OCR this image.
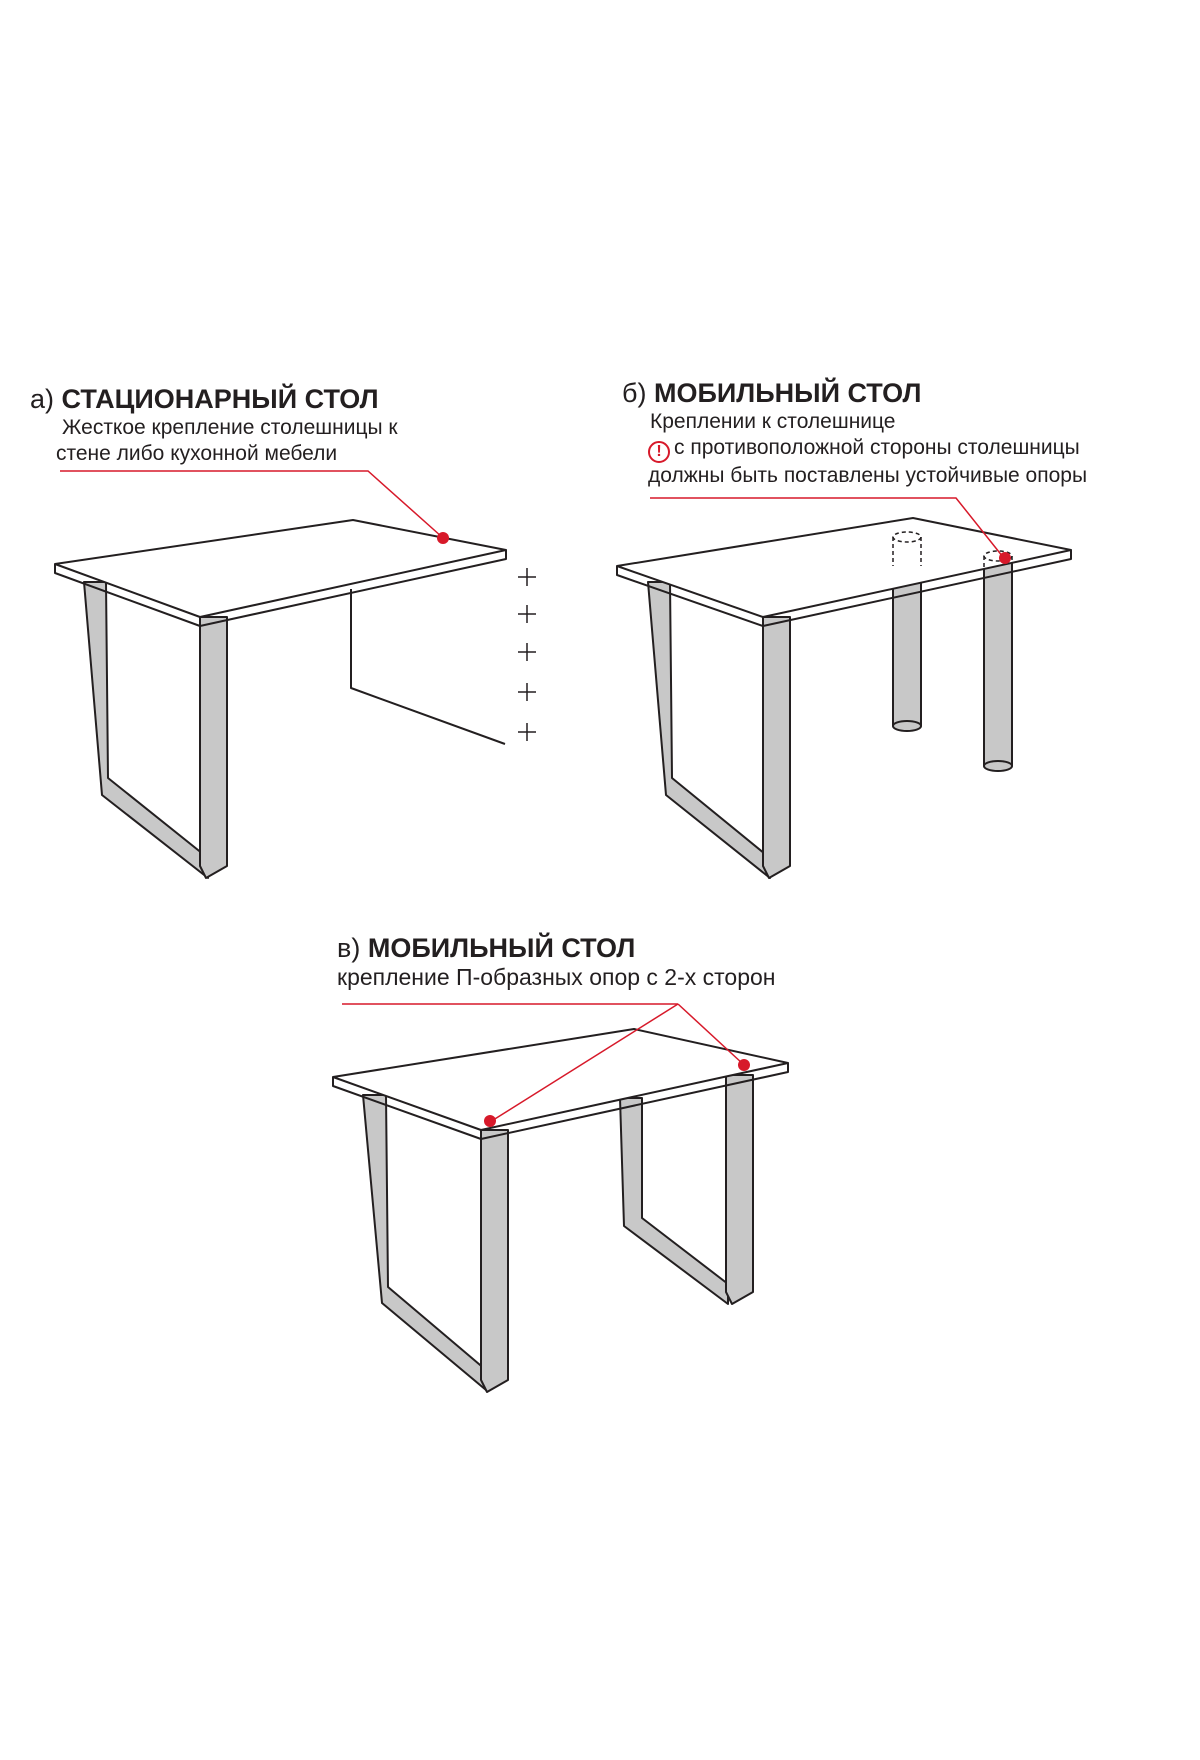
а) СТАЦИОНАРНЫЙ СТОЛ
Жесткое крепление столешницы к
стене либо кухонной мебели
б) МОБИЛЬНЫЙ СТОЛ
Креплении к столешнице
! с противоположной стороны столешницы
должны быть поставлены устойчивые опоры
в) МОБИЛЬНЫЙ СТОЛ
крепление П-образных опор с 2-х сторон
